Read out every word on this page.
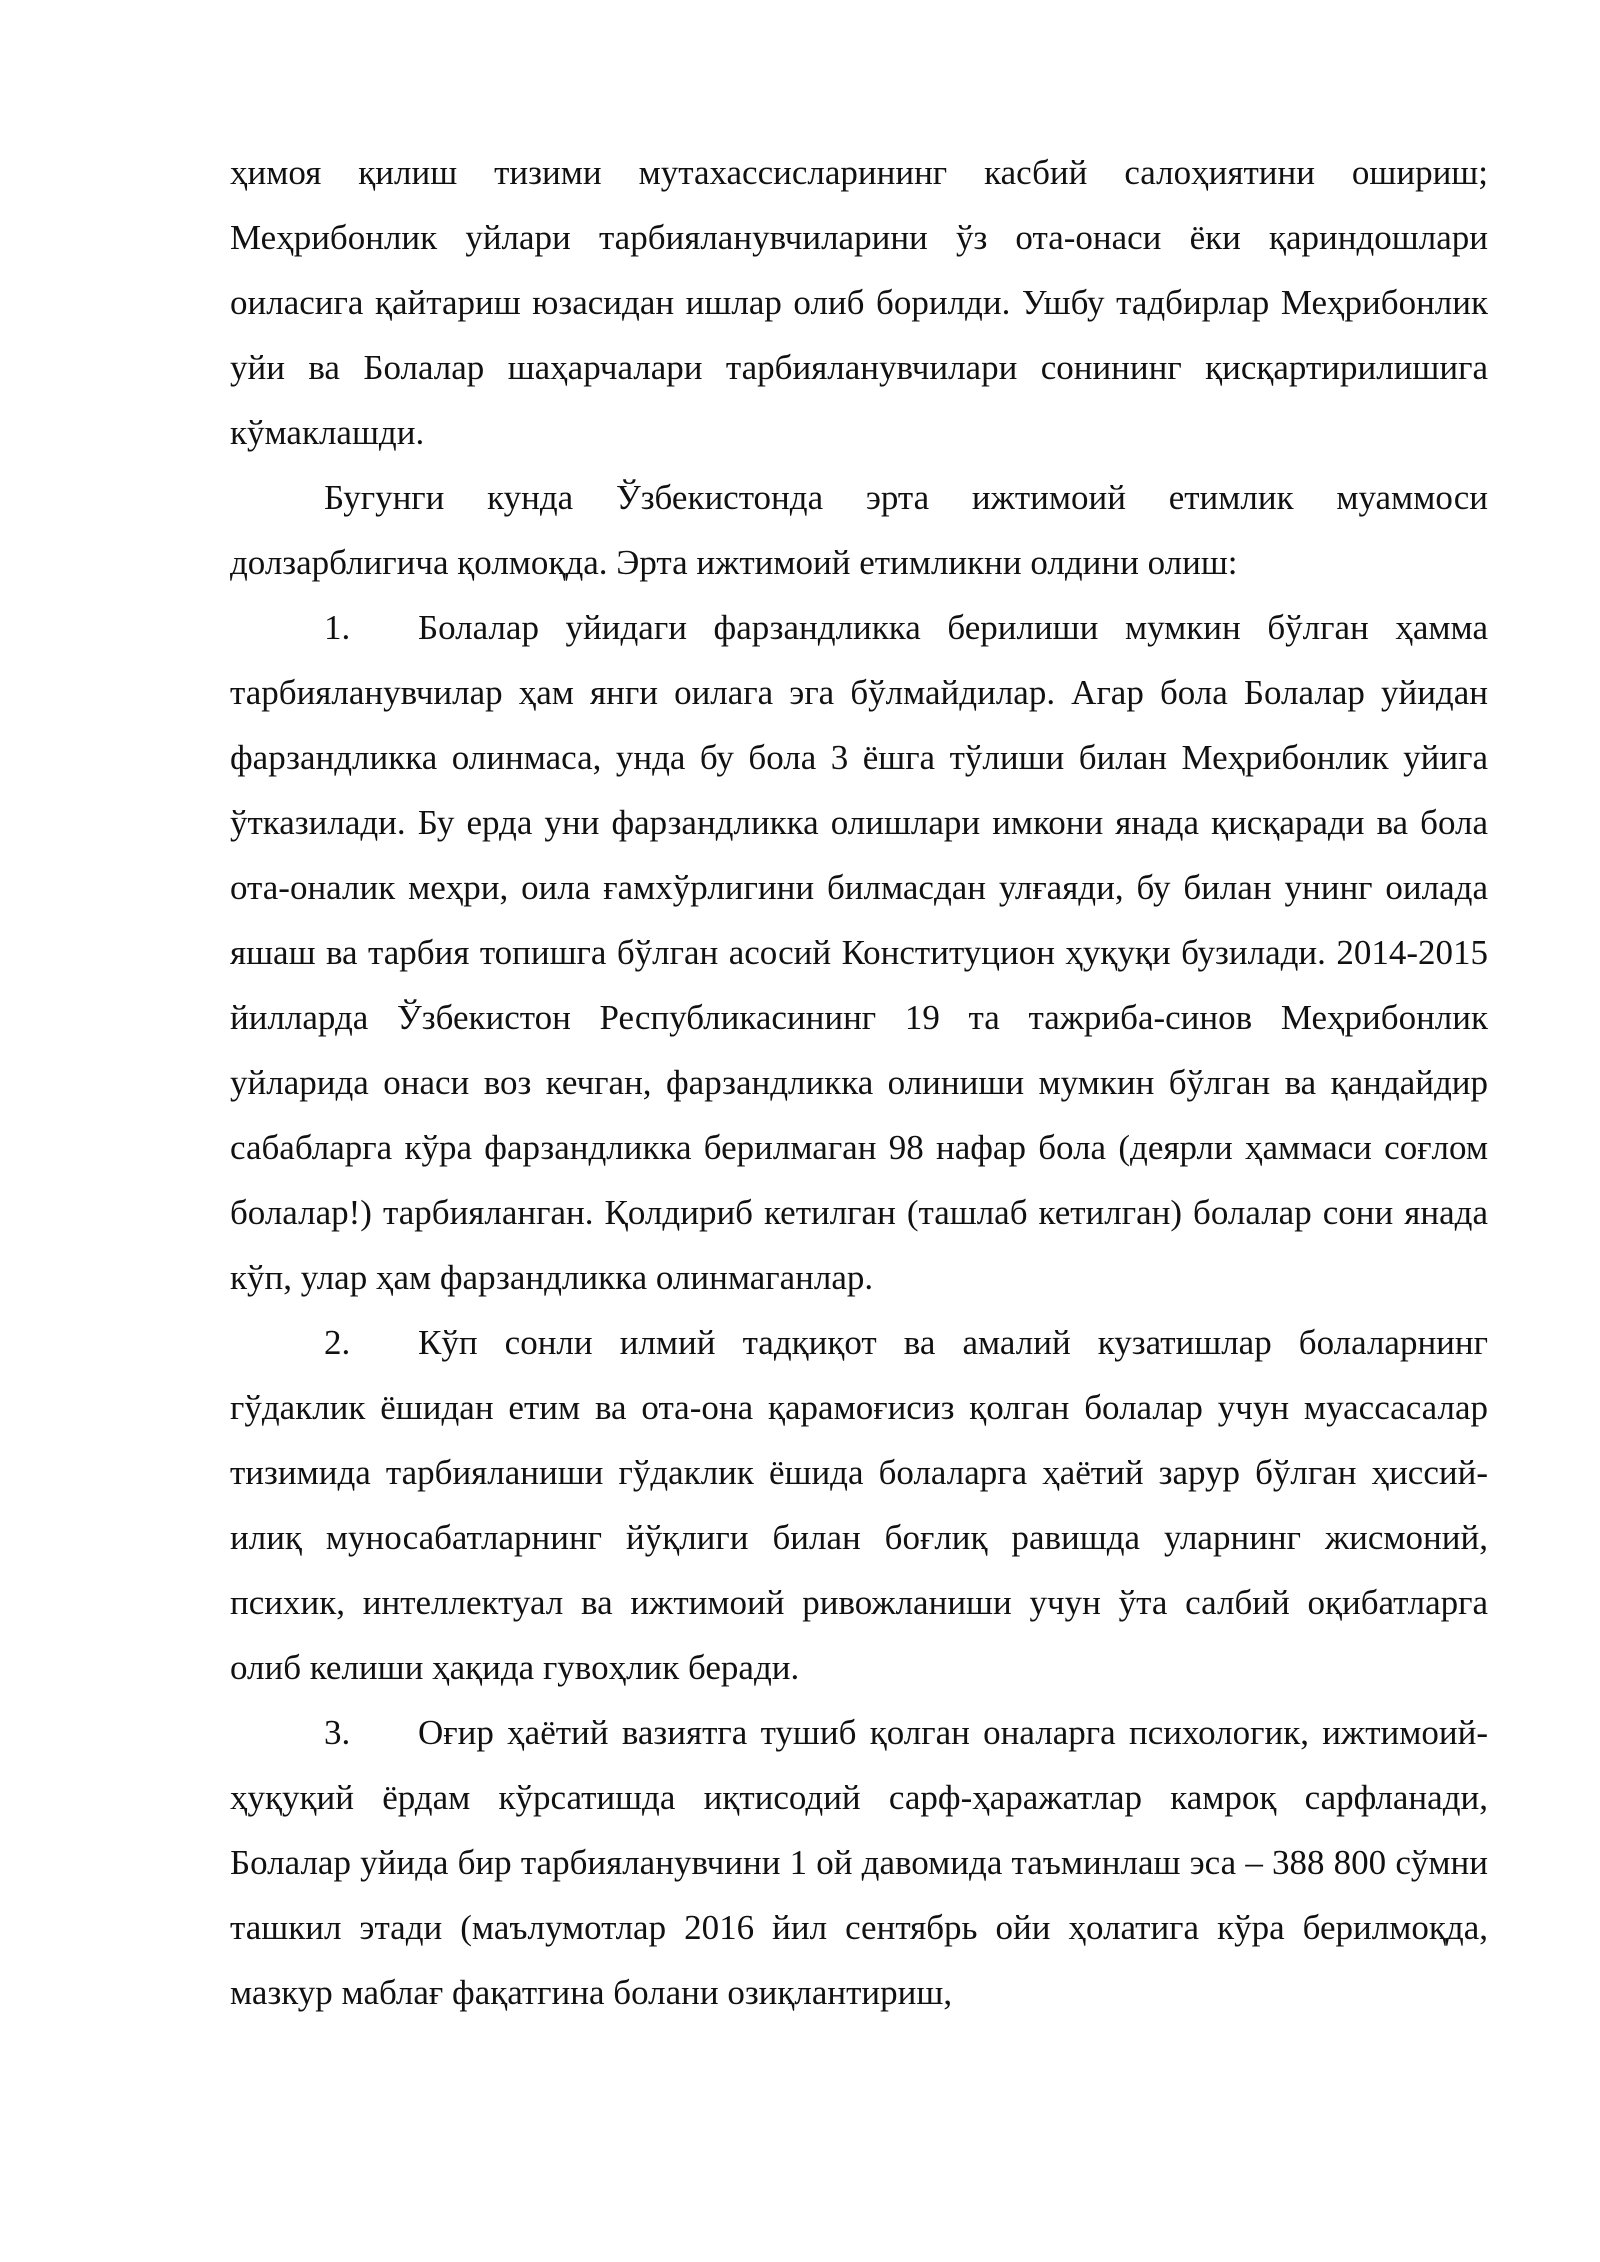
ҳимоя қилиш тизими мутахассисларининг касбий салоҳиятини ошириш; Меҳрибонлик уйлари тарбияланувчиларини ўз ота-онаси ёки қариндошлари оиласига қайтариш юзасидан ишлар олиб борилди. Ушбу тадбирлар Меҳрибонлик уйи ва Болалар шаҳарчалари тарбияланувчилари сонининг қисқартирилишига кўмаклашди.

Бугунги кунда Ўзбекистонда эрта ижтимоий етимлик муаммоси долзарблигича қолмоқда. Эрта ижтимоий етимликни олдини олиш:

1. Болалар уйидаги фарзандликка берилиши мумкин бўлган ҳамма тарбияланувчилар ҳам янги оилага эга бўлмайдилар. Агар бола Болалар уйидан фарзандликка олинмаса, унда бу бола 3 ёшга тўлиши билан Меҳрибонлик уйига ўтказилади. Бу ерда уни фарзандликка олишлари имкони янада қисқаради ва бола ота-оналик меҳри, оила ғамхўрлигини билмасдан улғаяди, бу билан унинг оилада яшаш ва тарбия топишга бўлган асосий Конституцион ҳуқуқи бузилади. 2014-2015 йилларда Ўзбекистон Республикасининг 19 та тажриба-синов Меҳрибонлик уйларида онаси воз кечган, фарзандликка олиниши мумкин бўлган ва қандайдир сабабларга кўра фарзандликка берилмаган 98 нафар бола (деярли ҳаммаси соғлом болалар!) тарбияланган. Қолдириб кетилган (ташлаб кетилган) болалар сони янада кўп, улар ҳам фарзандликка олинмаганлар.

2. Кўп сонли илмий тадқиқот ва амалий кузатишлар болаларнинг гўдаклик ёшидан етим ва ота-она қарамоғисиз қолган болалар учун муассасалар тизимида тарбияланиши гўдаклик ёшида болаларга ҳаётий зарур бўлган ҳиссий-илиқ муносабатларнинг йўқлиги билан боғлиқ равишда уларнинг жисмоний, психик, интеллектуал ва ижтимоий ривожланиши учун ўта салбий оқибатларга олиб келиши ҳақида гувоҳлик беради.

3. Оғир ҳаётий вазиятга тушиб қолган оналарга психологик, ижтимоий-ҳуқуқий ёрдам кўрсатишда иқтисодий сарф-ҳаражатлар камроқ сарфланади, Болалар уйида бир тарбияланувчини 1 ой давомида таъминлаш эса – 388 800 сўмни ташкил этади (маълумотлар 2016 йил сентябрь ойи ҳолатига кўра берилмоқда, мазкур маблағ фақатгина болани озиқлантириш,
